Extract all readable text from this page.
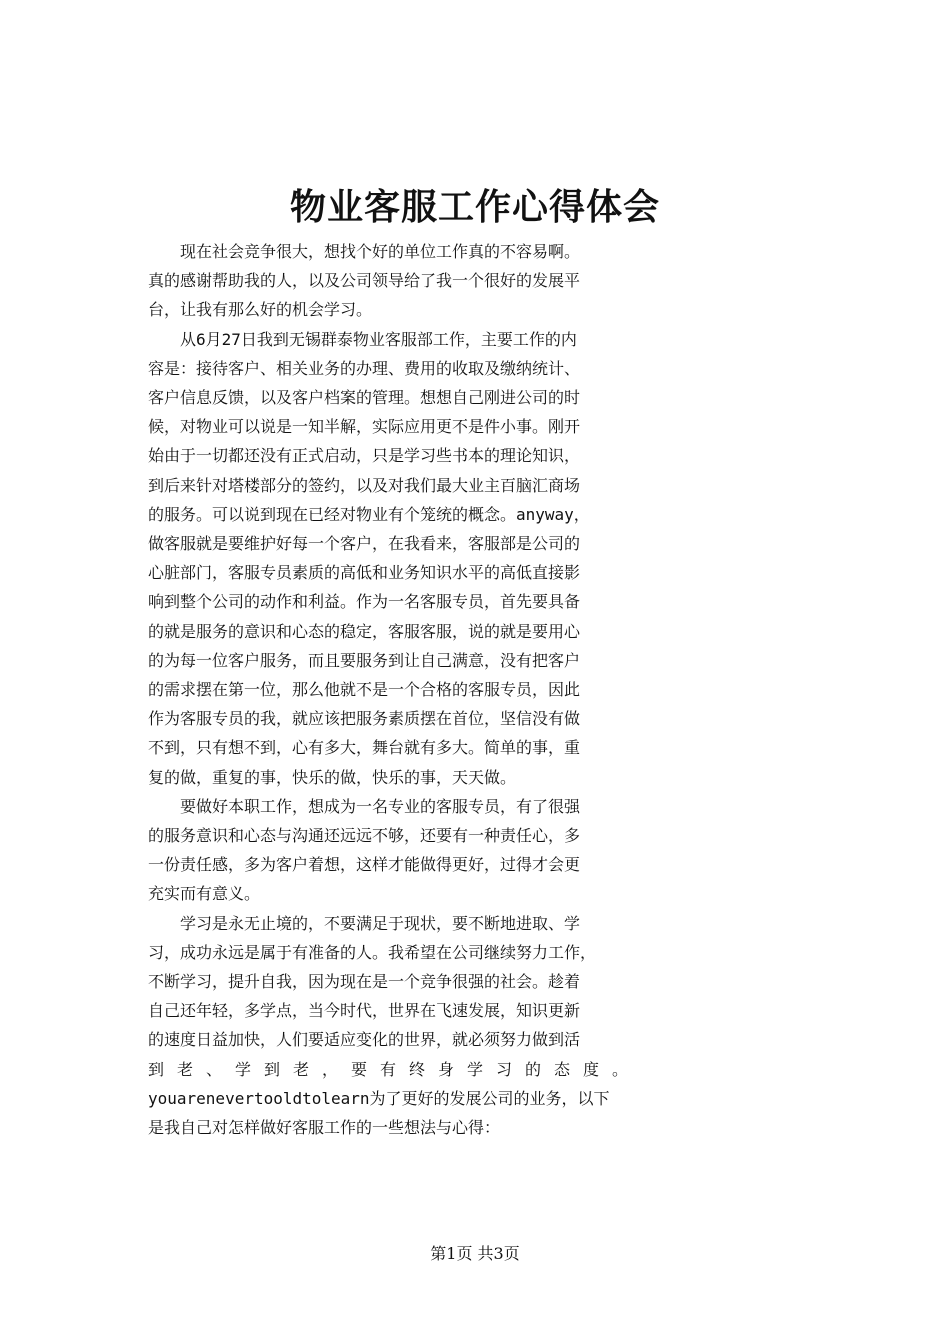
物业客服工作心得体会

现在社会竞争很大，想找个好的单位工作真的不容易啊。
真的感谢帮助我的人，以及公司领导给了我一个很好的发展平
台，让我有那么好的机会学习。

从6月27日我到无锡群泰物业客服部工作，主要工作的内
容是：接待客户、相关业务的办理、费用的收取及缴纳统计、
客户信息反馈，以及客户档案的管理。想想自己刚进公司的时
候，对物业可以说是一知半解，实际应用更不是件小事。刚开
始由于一切都还没有正式启动，只是学习些书本的理论知识，
到后来针对塔楼部分的签约，以及对我们最大业主百脑汇商场
的服务。可以说到现在已经对物业有个笼统的概念。anyway，
做客服就是要维护好每一个客户，在我看来，客服部是公司的
心脏部门，客服专员素质的高低和业务知识水平的高低直接影
响到整个公司的动作和利益。作为一名客服专员，首先要具备
的就是服务的意识和心态的稳定，客服客服，说的就是要用心
的为每一位客户服务，而且要服务到让自己满意，没有把客户
的需求摆在第一位，那么他就不是一个合格的客服专员，因此
作为客服专员的我，就应该把服务素质摆在首位，坚信没有做
不到，只有想不到，心有多大，舞台就有多大。简单的事，重
复的做，重复的事，快乐的做，快乐的事，天天做。

要做好本职工作，想成为一名专业的客服专员，有了很强
的服务意识和心态与沟通还远远不够，还要有一种责任心，多
一份责任感，多为客户着想，这样才能做得更好，过得才会更
充实而有意义。

学习是永无止境的，不要满足于现状，要不断地进取、学
习，成功永远是属于有准备的人。我希望在公司继续努力工作，
不断学习，提升自我，因为现在是一个竞争很强的社会。趁着
自己还年轻，多学点，当今时代，世界在飞速发展，知识更新
的速度日益加快，人们要适应变化的世界，就必须努力做到活
到老、学到老，要有终身学习的态度。
youarenevertooldtolearn为了更好的发展公司的业务，以下
是我自己对怎样做好客服工作的一些想法与心得：

第1页 共3页
